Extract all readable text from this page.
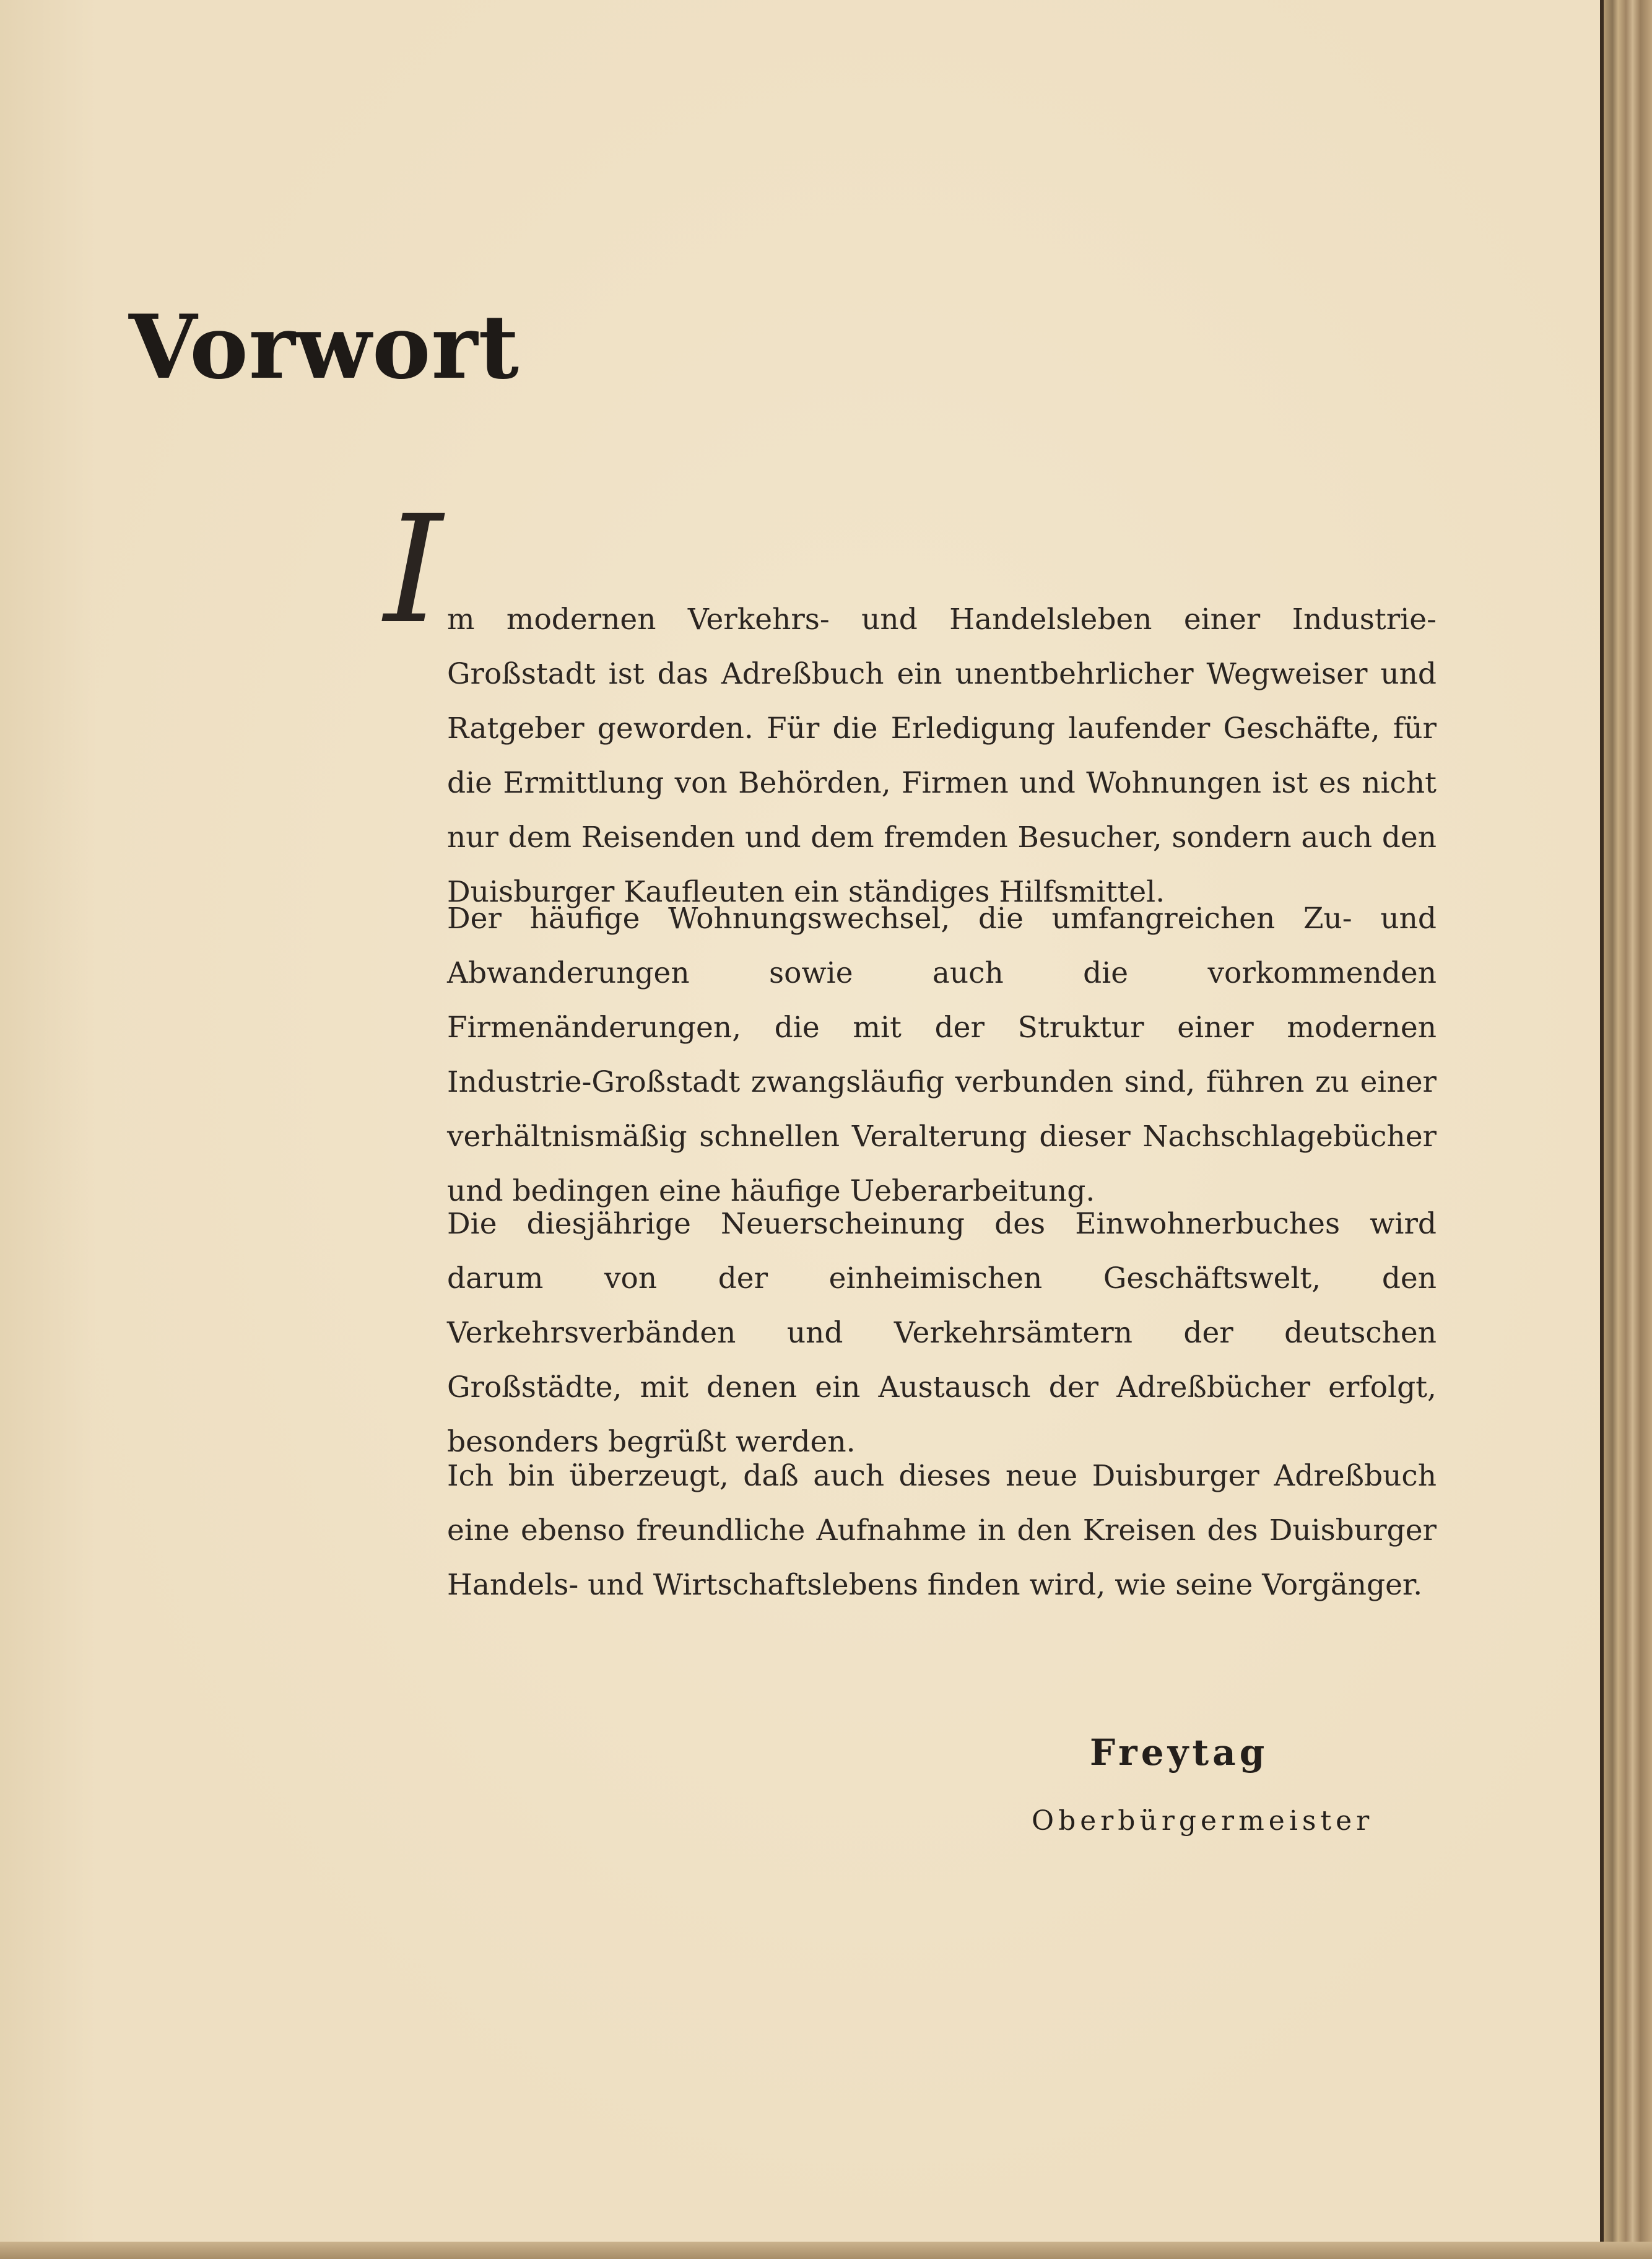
Vorwort
I m modernen Verkehrs- und Handelsleben einer Industrie-Großstadt ist das Adreßbuch ein unentbehrlicher Wegweiser und Ratgeber geworden. Für die Erledigung laufender Geschäfte, für die Ermittlung von Behörden, Firmen und Wohnungen ist es nicht nur dem Reisenden und dem fremden Besucher, sondern auch den Duisburger Kaufleuten ein ständiges Hilfsmittel.

Der häufige Wohnungswechsel, die umfangreichen Zu- und Abwanderungen sowie auch die vorkommenden Firmenänderungen, die mit der Struktur einer modernen Industrie-Großstadt zwangsläufig verbunden sind, führen zu einer verhältnismäßig schnellen Veralterung dieser Nachschlagebücher und bedingen eine häufige Ueberarbeitung.

Die diesjährige Neuerscheinung des Einwohnerbuches wird darum von der einheimischen Geschäftswelt, den Verkehrsverbänden und Verkehrsämtern der deutschen Großstädte, mit denen ein Austausch der Adreßbücher erfolgt, besonders begrüßt werden.

Ich bin überzeugt, daß auch dieses neue Duisburger Adreßbuch eine ebenso freundliche Aufnahme in den Kreisen des Duisburger Handels- und Wirtschaftslebens finden wird, wie seine Vorgänger.

Freytag
Oberbürgermeister
